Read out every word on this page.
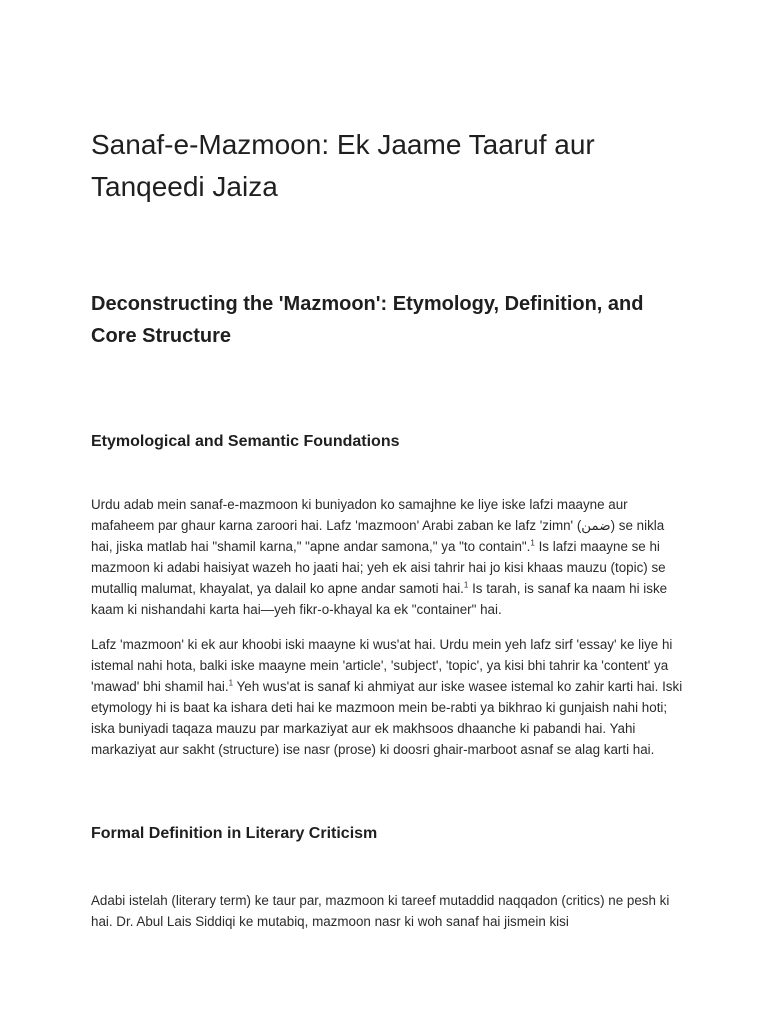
Sanaf-e-Mazmoon: Ek Jaame Taaruf aur Tanqeedi Jaiza
Deconstructing the 'Mazmoon': Etymology, Definition, and Core Structure
Etymological and Semantic Foundations

Urdu adab mein sanaf-e-mazmoon ki buniyadon ko samajhne ke liye iske lafzi maayne aur mafaheem par ghaur karna zaroori hai. Lafz 'mazmoon' Arabi zaban ke lafz 'zimn' (ضمن) se nikla hai, jiska matlab hai "shamil karna," "apne andar samona," ya "to contain".$^1$ Is lafzi maayne se hi mazmoon ki adabi haisiyat wazeh ho jaati hai; yeh ek aisi tahrir hai jo kisi khaas mauzu (topic) se mutalliq malumat, khayalat, ya dalail ko apne andar samoti hai.$^1$ Is tarah, is sanaf ka naam hi iske kaam ki nishandahi karta hai—yeh fikr-o-khayal ka ek "container" hai.

Lafz 'mazmoon' ki ek aur khoobi iski maayne ki wus'at hai. Urdu mein yeh lafz sirf 'essay' ke liye hi istemal nahi hota, balki iske maayne mein 'article', 'subject', 'topic', ya kisi bhi tahrir ka 'content' ya 'mawad' bhi shamil hai.$^1$ Yeh wus'at is sanaf ki ahmiyat aur iske wasee istemal ko zahir karti hai. Iski etymology hi is baat ka ishara deti hai ke mazmoon mein be-rabti ya bikhrao ki gunjaish nahi hoti; iska buniyadi taqaza mauzu par markaziyat aur ek makhsoos dhaanche ki pabandi hai. Yahi markaziyat aur sakht (structure) ise nasr (prose) ki doosri ghair-marboot asnaf se alag karti hai.

Formal Definition in Literary Criticism

Adabi istelah (literary term) ke taur par, mazmoon ki tareef mutaddid naqqadon (critics) ne pesh ki hai. Dr. Abul Lais Siddiqi ke mutabiq, mazmoon nasr ki woh sanaf hai jismein kisi
